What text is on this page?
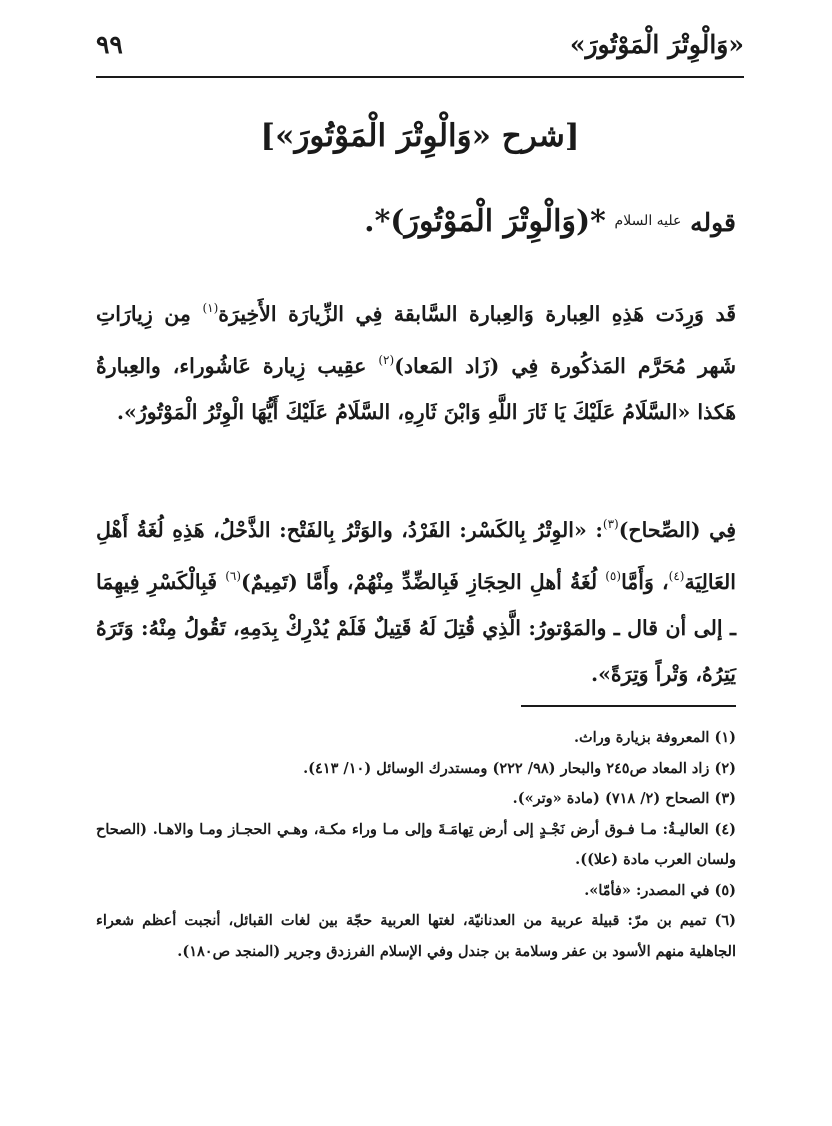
«وَالْوِتْرَ الْمَوْتُورَ»
٩٩
[شرح «وَالْوِتْرَ الْمَوْتُورَ»]
قوله $^{عليه السلام}$ *(وَالْوِتْرَ الْمَوْتُورَ)*.

قَد وَرِدَت هَذِهِ العِبارة وَالعِبارة السَّابقة فِي الزِّيارَة الأَخِيرَة$^{(١)}$ مِن زِيارَاتِ شَهر مُحَرَّم المَذكُورة فِي (زَاد المَعاد)$^{(٢)}$ عقِيب زِيارة عَاشُوراء، والعِبارةُ هَكذا «السَّلَامُ عَلَيْكَ يَا ثَارَ اللَّهِ وَابْنَ ثَارِهِ، السَّلَامُ عَلَيْكَ أَيُّهَا الْوِتْرُ الْمَوْتُورُ».

فِي (الصِّحاح)$^{(٣)}$: «الوِتْرُ بِالكَسْر: الفَرْدُ، والوَتْرُ بِالفَتْح: الذَّحْلُ، هَذِهِ لُغَةُ أَهْلِ العَالِيَة$^{(٤)}$، وَأَمَّا$^{(٥)}$ لُغَةُ أهلِ الحِجَازِ فَبِالضِّدِّ مِنْهُمْ، وأَمَّا (تَمِيمٌ)$^{(٦)}$ فَبِالْكَسْرِ فِيهِمَا ـ إلى أن قال ـ والمَوْتورُ: الَّذِي قُتِلَ لَهُ قَتِيلٌ فَلَمْ يُدْرِكْ بِدَمِهِ، تَقُولُ مِنْهُ: وَتَرَهُ يَتِرُهُ، وَتْراً وَتِرَةً».

(١) المعروفة بزيارة وراث.

(٢) زاد المعاد ص٢٤٥ والبحار (٩٨/ ٢٢٢) ومستدرك الوسائل (١٠/ ٤١٣).

(٣) الصحاح (٢/ ٧١٨) (مادة «وتر»).

(٤) العاليـةُ: مـا فـوق أرض نَجْـدٍ إلى أرض تِهامَـةَ وإلى مـا وراء مكـة، وهـي الحجـاز ومـا والاهـا. (الصحاح ولسان العرب مادة (علا)).

(٥) في المصدر: «فأمّا».

(٦) تميم بن مرّ: قبيلة عربية من العدنانيّة، لغتها العربية حجّة بين لغات القبائل، أنجبت أعظم شعراء الجاهلية منهم الأسود بن عفر وسلامة بن جندل وفي الإسلام الفرزدق وجرير (المنجد ص١٨٠).
